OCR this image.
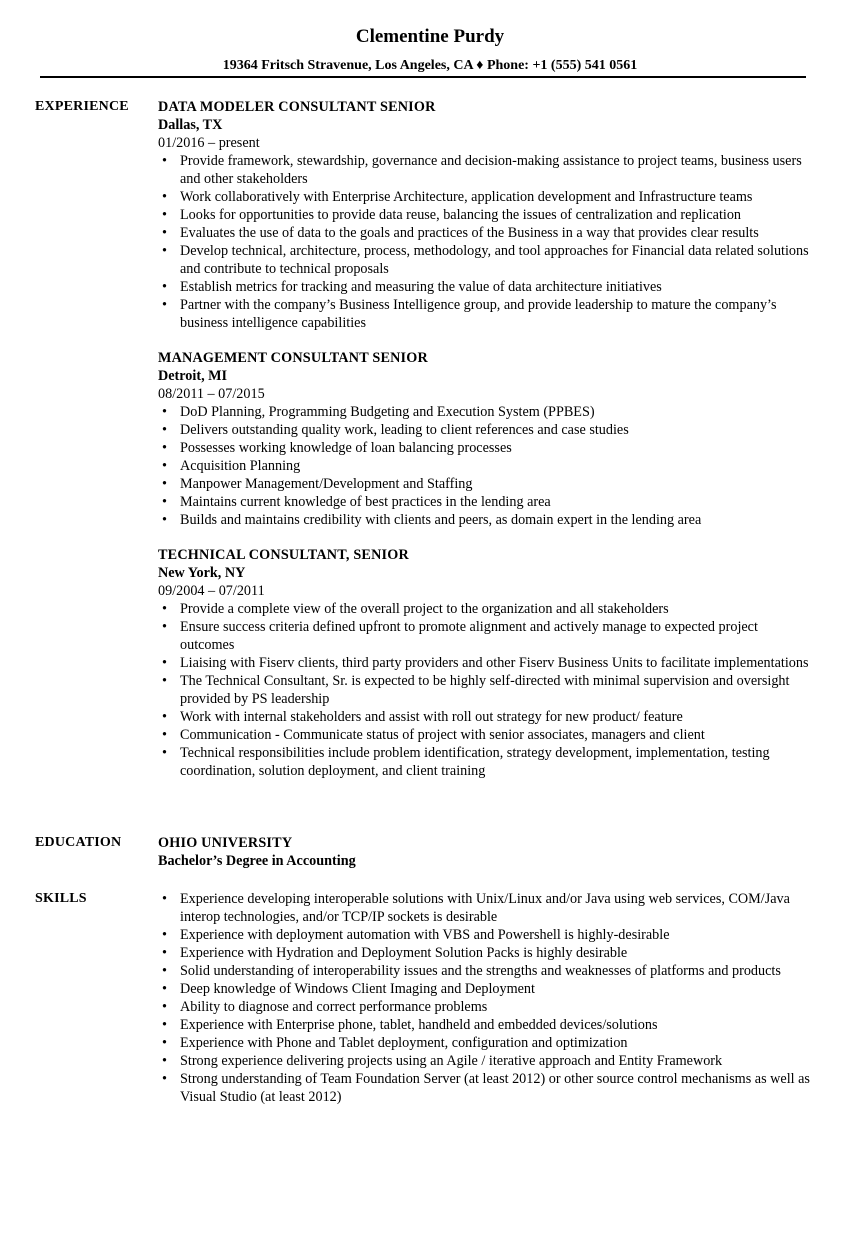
Clementine Purdy
19364 Fritsch Stravenue, Los Angeles, CA ♦ Phone: +1 (555) 541 0561
EXPERIENCE	DATA MODELER CONSULTANT SENIOR
Dallas, TX
01/2016 – present
• Provide framework, stewardship, governance and decision-making assistance to project teams, business users and other stakeholders
• Work collaboratively with Enterprise Architecture, application development and Infrastructure teams
• Looks for opportunities to provide data reuse, balancing the issues of centralization and replication
• Evaluates the use of data to the goals and practices of the Business in a way that provides clear results
• Develop technical, architecture, process, methodology, and tool approaches for Financial data related solutions and contribute to technical proposals
• Establish metrics for tracking and measuring the value of data architecture initiatives
• Partner with the company’s Business Intelligence group, and provide leadership to mature the company’s business intelligence capabilities
MANAGEMENT CONSULTANT SENIOR
Detroit, MI
08/2011 – 07/2015
• DoD Planning, Programming Budgeting and Execution System (PPBES)
• Delivers outstanding quality work, leading to client references and case studies
• Possesses working knowledge of loan balancing processes
• Acquisition Planning
• Manpower Management/Development and Staffing
• Maintains current knowledge of best practices in the lending area
• Builds and maintains credibility with clients and peers, as domain expert in the lending area
TECHNICAL CONSULTANT, SENIOR
New York, NY
09/2004 – 07/2011
• Provide a complete view of the overall project to the organization and all stakeholders
• Ensure success criteria defined upfront to promote alignment and actively manage to expected project outcomes
• Liaising with Fiserv clients, third party providers and other Fiserv Business Units to facilitate implementations
• The Technical Consultant, Sr. is expected to be highly self-directed with minimal supervision and oversight provided by PS leadership
• Work with internal stakeholders and assist with roll out strategy for new product/ feature
• Communication - Communicate status of project with senior associates, managers and client
• Technical responsibilities include problem identification, strategy development, implementation, testing coordination, solution deployment, and client training
EDUCATION	OHIO UNIVERSITY
Bachelor’s Degree in Accounting
SKILLS
•	Experience developing interoperable solutions with Unix/Linux and/or Java using web services, COM/Java interop technologies, and/or TCP/IP sockets is desirable
• Experience with deployment automation with VBS and Powershell is highly-desirable
• Experience with Hydration and Deployment Solution Packs is highly desirable
• Solid understanding of interoperability issues and the strengths and weaknesses of platforms and products
• Deep knowledge of Windows Client Imaging and Deployment
• Ability to diagnose and correct performance problems
• Experience with Enterprise phone, tablet, handheld and embedded devices/solutions
• Experience with Phone and Tablet deployment, configuration and optimization
• Strong experience delivering projects using an Agile / iterative approach and Entity Framework
• Strong understanding of Team Foundation Server (at least 2012) or other source control mechanisms as well as Visual Studio (at least 2012)
